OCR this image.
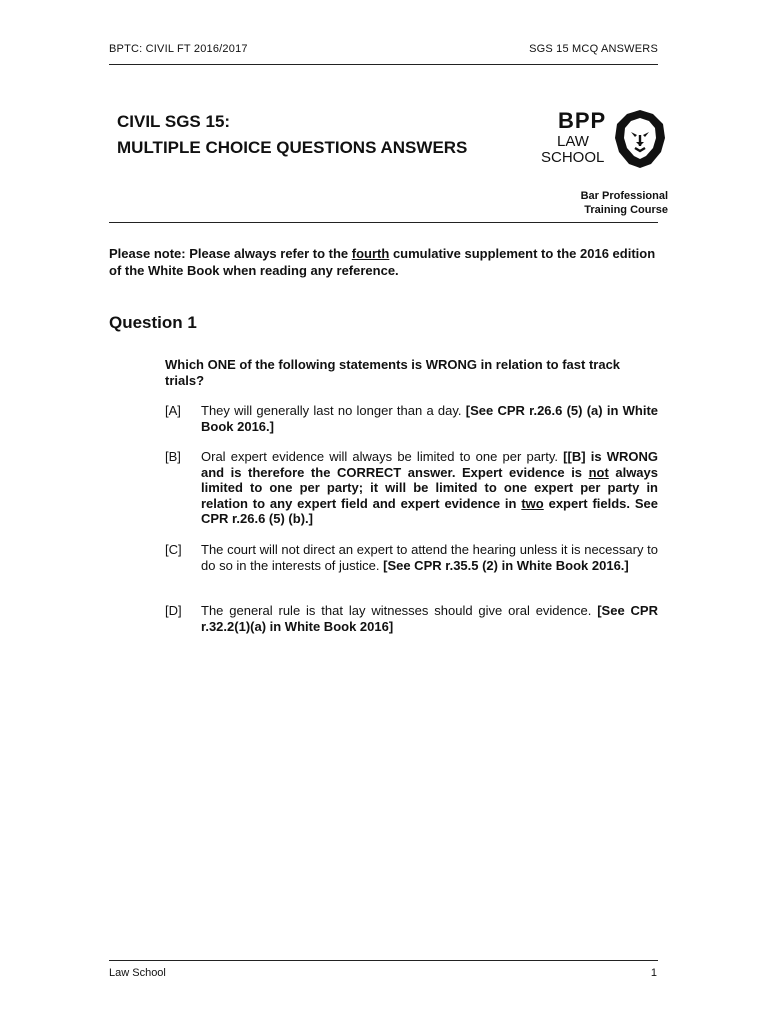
BPTC: CIVIL FT 2016/2017	SGS 15 MCQ ANSWERS
CIVIL SGS 15:
MULTIPLE CHOICE QUESTIONS ANSWERS
BPP
LAW
SCHOOL
Bar Professional
Training Course
Please note: Please always refer to the fourth cumulative supplement to the 2016 edition of the White Book when reading any reference.
Question 1
Which ONE of the following statements is WRONG in relation to fast track trials?
[A] They will generally last no longer than a day. [See CPR r.26.6 (5) (a) in White Book 2016.]
[B] Oral expert evidence will always be limited to one per party. [[B] is WRONG and is therefore the CORRECT answer. Expert evidence is not always limited to one per party; it will be limited to one expert per party in relation to any expert field and expert evidence in two expert fields. See CPR r.26.6 (5) (b).]
[C] The court will not direct an expert to attend the hearing unless it is necessary to do so in the interests of justice. [See CPR r.35.5 (2) in White Book 2016.]
[D] The general rule is that lay witnesses should give oral evidence. [See CPR r.32.2(1)(a) in White Book 2016]
Law School	1
